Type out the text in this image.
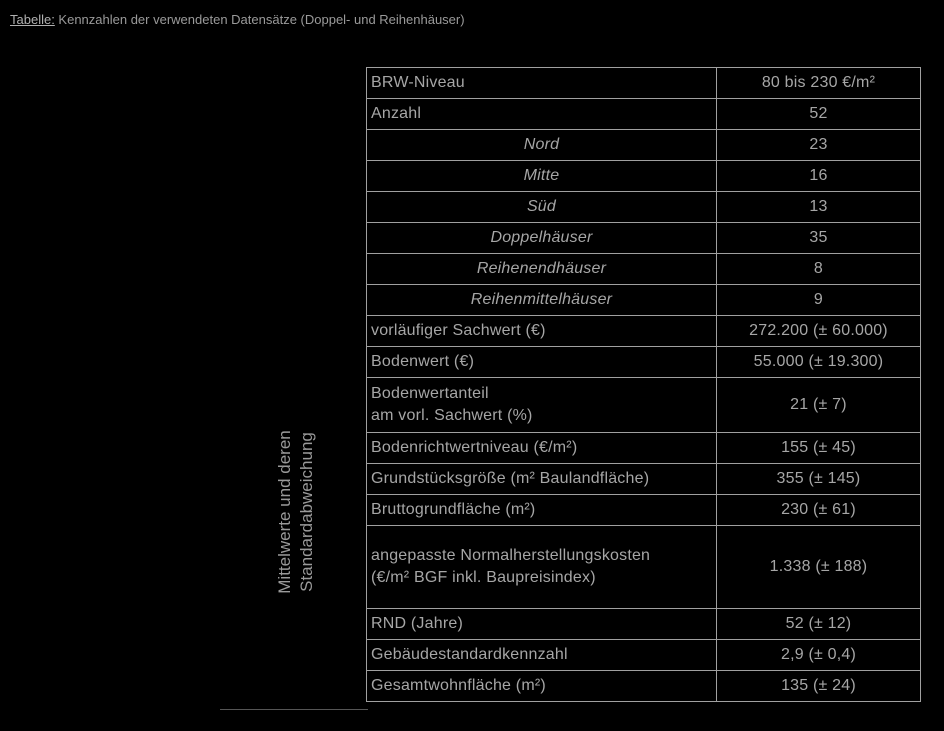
Tabelle: Kennzahlen der verwendeten Datensätze (Doppel- und Reihenhäuser)
Mittelwerte und deren Standardabweichung
BRW-Niveau	80 bis 230 €/m²
Anzahl	52
Nord	23
Mitte	16
Süd	13
Doppelhäuser	35
Reihenendhäuser	8
Reihenmittelhäuser	9
vorläufiger Sachwert (€)	272.200 (± 60.000)
Bodenwert (€)	55.000 (± 19.300)

Bodenwertanteil
am vorl. Sachwert (%)	21 (± 7)
Bodenrichtwertniveau (€/m²)	155 (± 45)
Grundstücksgröße (m² Baulandfläche)	355 (± 145)
Bruttogrundfläche (m²)	230 (± 61)

angepasste Normalherstellungskosten
(€/m² BGF inkl. Baupreisindex)	1.338 (± 188)
RND (Jahre)	52 (± 12)
Gebäudestandardkennzahl	2,9 (± 0,4)
Gesamtwohnfläche (m²)	135 (± 24)
